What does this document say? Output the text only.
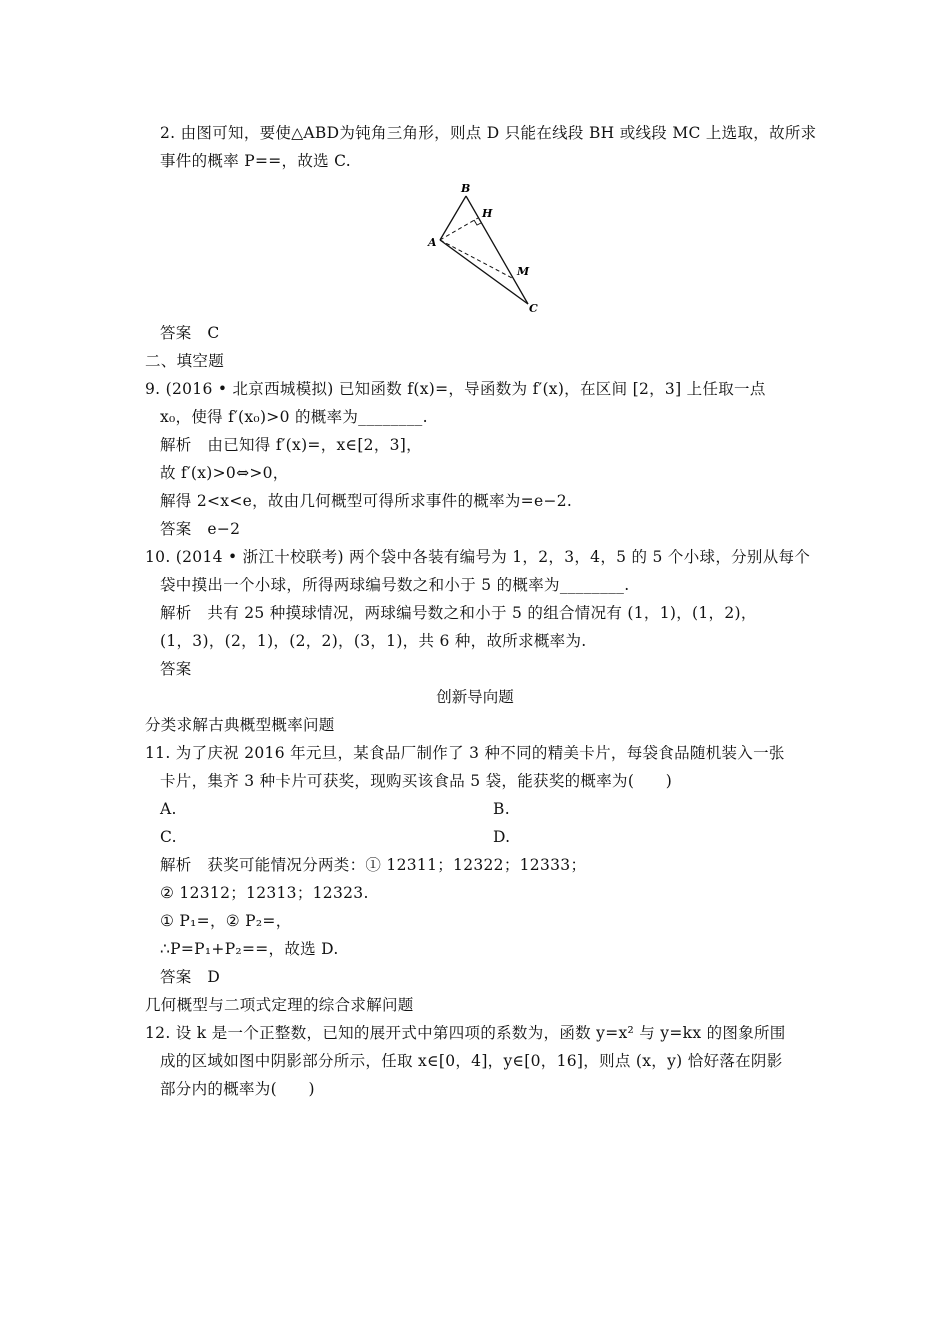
2. 由图可知，要使△ABD为钝角三角形，则点 D 只能在线段 BH 或线段 MC 上选取，故所求
事件的概率 P==，故选 C.
B
H
A
M
C
答案　C
二、填空题
9. (2016 • 北京西城模拟) 已知函数 f(x)=，导函数为 f′(x)，在区间 [2，3] 上任取一点
x₀，使得 f′(x₀)>0 的概率为________.
解析　由已知得 f′(x)=，x∈[2，3]，
故 f′(x)>0⇔>0，
解得 2<x<e，故由几何概型可得所求事件的概率为=e−2.
答案　e−2
10. (2014 • 浙江十校联考) 两个袋中各装有编号为 1，2，3，4，5 的 5 个小球，分别从每个
袋中摸出一个小球，所得两球编号数之和小于 5 的概率为________.
解析　共有 25 种摸球情况，两球编号数之和小于 5 的组合情况有 (1，1)，(1，2)，
(1，3)，(2，1)，(2，2)，(3，1)，共 6 种，故所求概率为.
答案
创新导向题
分类求解古典概型概率问题
11. 为了庆祝 2016 年元旦，某食品厂制作了 3 种不同的精美卡片，每袋食品随机装入一张
卡片，集齐 3 种卡片可获奖，现购买该食品 5 袋，能获奖的概率为(　　)
A.	B.
C.	D.
解析　获奖可能情况分两类：① 12311；12322；12333；
② 12312；12313；12323.
① P₁=，② P₂=，
∴P=P₁+P₂==，故选 D.
答案　D
几何概型与二项式定理的综合求解问题
12. 设 k 是一个正整数，已知的展开式中第四项的系数为，函数 y=x² 与 y=kx 的图象所围
成的区域如图中阴影部分所示，任取 x∈[0，4]，y∈[0，16]，则点 (x，y) 恰好落在阴影
部分内的概率为(　　)
